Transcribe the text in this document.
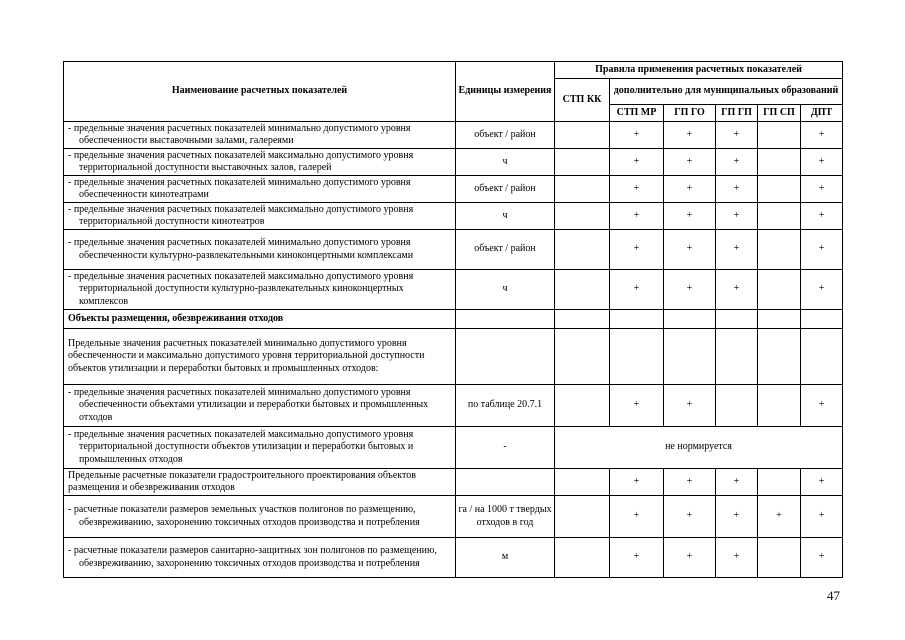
Наименование расчетных показателей	Единицы измерения	Правила применения расчетных показателей					
		СТП КК	дополнительно для муниципальных образований				
			СТП МР	ГП ГО	ГП ГП	ГП СП	ДПТ

- предельные значения расчетных показателей минимально допустимого уровня обеспеченности выставочными залами, галереями	объект / район		+	+	+		+

- предельные значения расчетных показателей максимально допустимого уровня территориальной доступности выставочных залов, галерей	ч		+	+	+		+

- предельные значения расчетных показателей минимально допустимого уровня обеспеченности кинотеатрами	объект / район		+	+	+		+

- предельные значения расчетных показателей максимально допустимого уровня территориальной доступности кинотеатров	ч		+	+	+		+

- предельные значения расчетных показателей минимально допустимого уровня обеспеченности культурно-развлекательными киноконцертными комплексами	объект / район		+	+	+		+

- предельные значения расчетных показателей максимально допустимого уровня территориальной доступности культурно-развлекательных киноконцертных комплексов	ч		+	+	+		+
Объекты размещения, обезвреживания отходов							
Предельные значения расчетных показателей минимально допустимого уровня обеспеченности и максимально допустимого уровня территориальной доступности объектов утилизации и переработки бытовых и промышленных отходов:							

- предельные значения расчетных показателей минимально допустимого уровня обеспеченности объектами утилизации и переработки бытовых и промышленных отходов	по таблице 20.7.1		+	+			+

- предельные значения расчетных показателей максимально допустимого уровня территориальной доступности объектов утилизации и переработки бытовых и промышленных отходов	-	не нормируется					
Предельные расчетные показатели градостроительного проектирования объектов размещения и обезвреживания отходов			+	+	+		+

- расчетные показатели размеров земельных участков полигонов по размещению, обезвреживанию, захоронению токсичных отходов производства и потребления	га / на 1000 т твердых отходов в год		+	+	+	+	+

- расчетные показатели размеров санитарно-защитных зон полигонов по размещению, обезвреживанию, захоронению токсичных отходов производства и потребления	м		+	+	+		+
47
